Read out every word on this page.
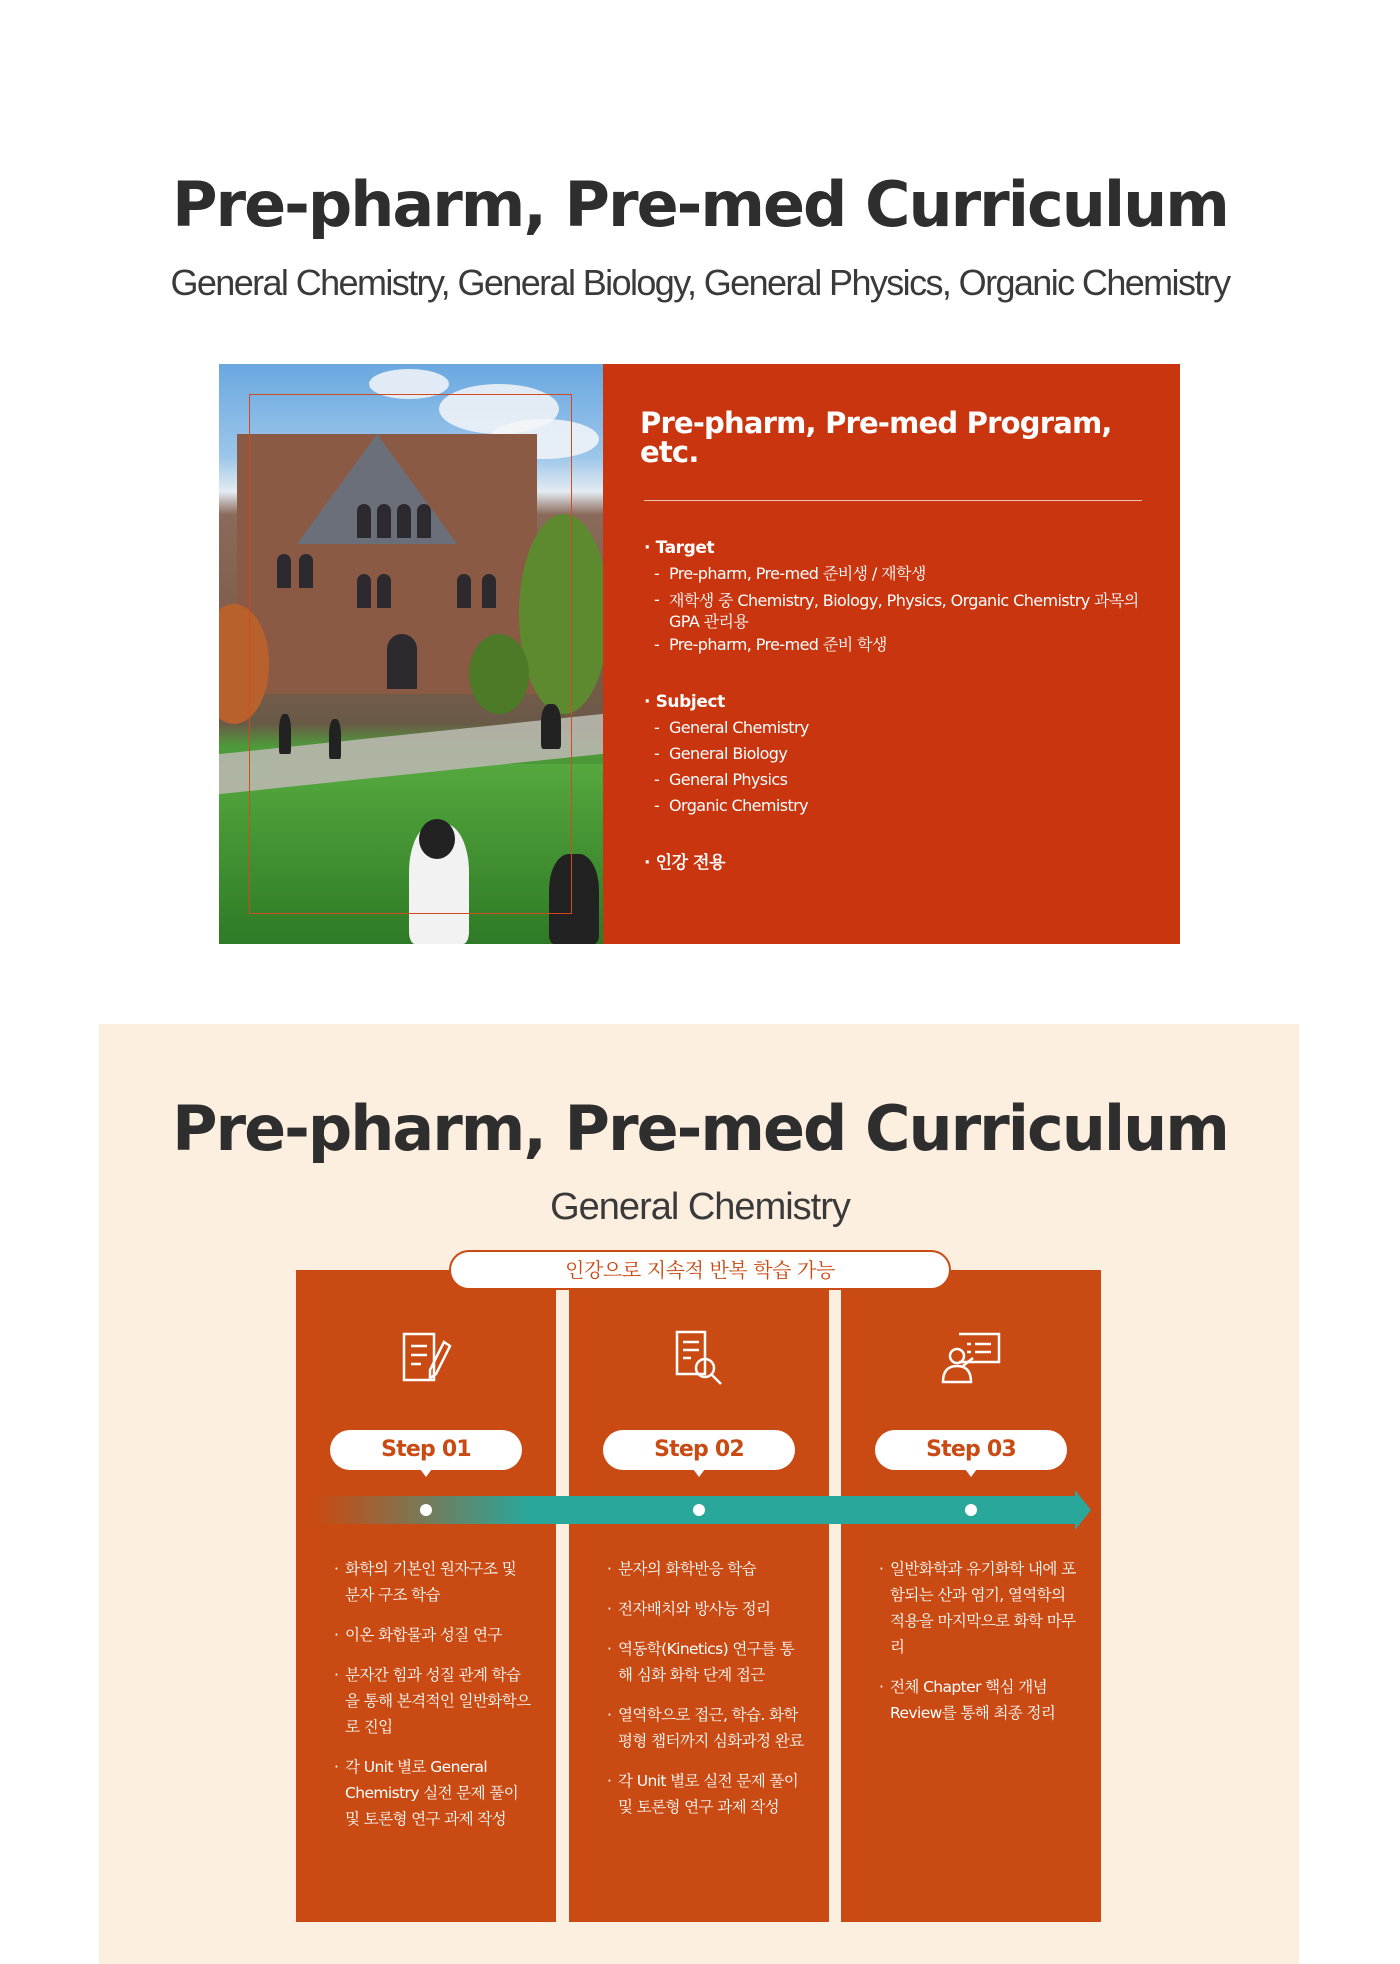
Pre-pharm, Pre-med Curriculum
General Chemistry, General Biology, General Physics, Organic Chemistry
Pre-pharm, Pre-med Program, etc.
· Target
- Pre-pharm, Pre-med 준비생 / 재학생
- 재학생 중 Chemistry, Biology, Physics, Organic Chemistry 과목의 GPA 관리용
- Pre-pharm, Pre-med 준비 학생
· Subject
- General Chemistry
- General Biology
- General Physics
- Organic Chemistry
· 인강 전용
Pre-pharm, Pre-med Curriculum
General Chemistry
인강으로 지속적 반복 학습 가능
Step 01	Step 02	Step 03
· 화학의 기본인 원자구조 및 분자 구조 학습
· 이온 화합물과 성질 연구
· 분자간 힘과 성질 관계 학습을 통해 본격적인 일반화학으로 진입
· 각 Unit 별로 General Chemistry 실전 문제 풀이 및 토론형 연구 과제 작성
· 분자의 화학반응 학습
· 전자배치와 방사능 정리
· 역동학(Kinetics) 연구를 통해 심화 화학 단계 접근
· 열역학으로 접근, 학습. 화학 평형 챕터까지 심화과정 완료
· 각 Unit 별로 실전 문제 풀이 및 토론형 연구 과제 작성
· 일반화학과 유기화학 내에 포함되는 산과 염기, 열역학의 적용을 마지막으로 화학 마무리
· 전체 Chapter 핵심 개념 Review를 통해 최종 정리
